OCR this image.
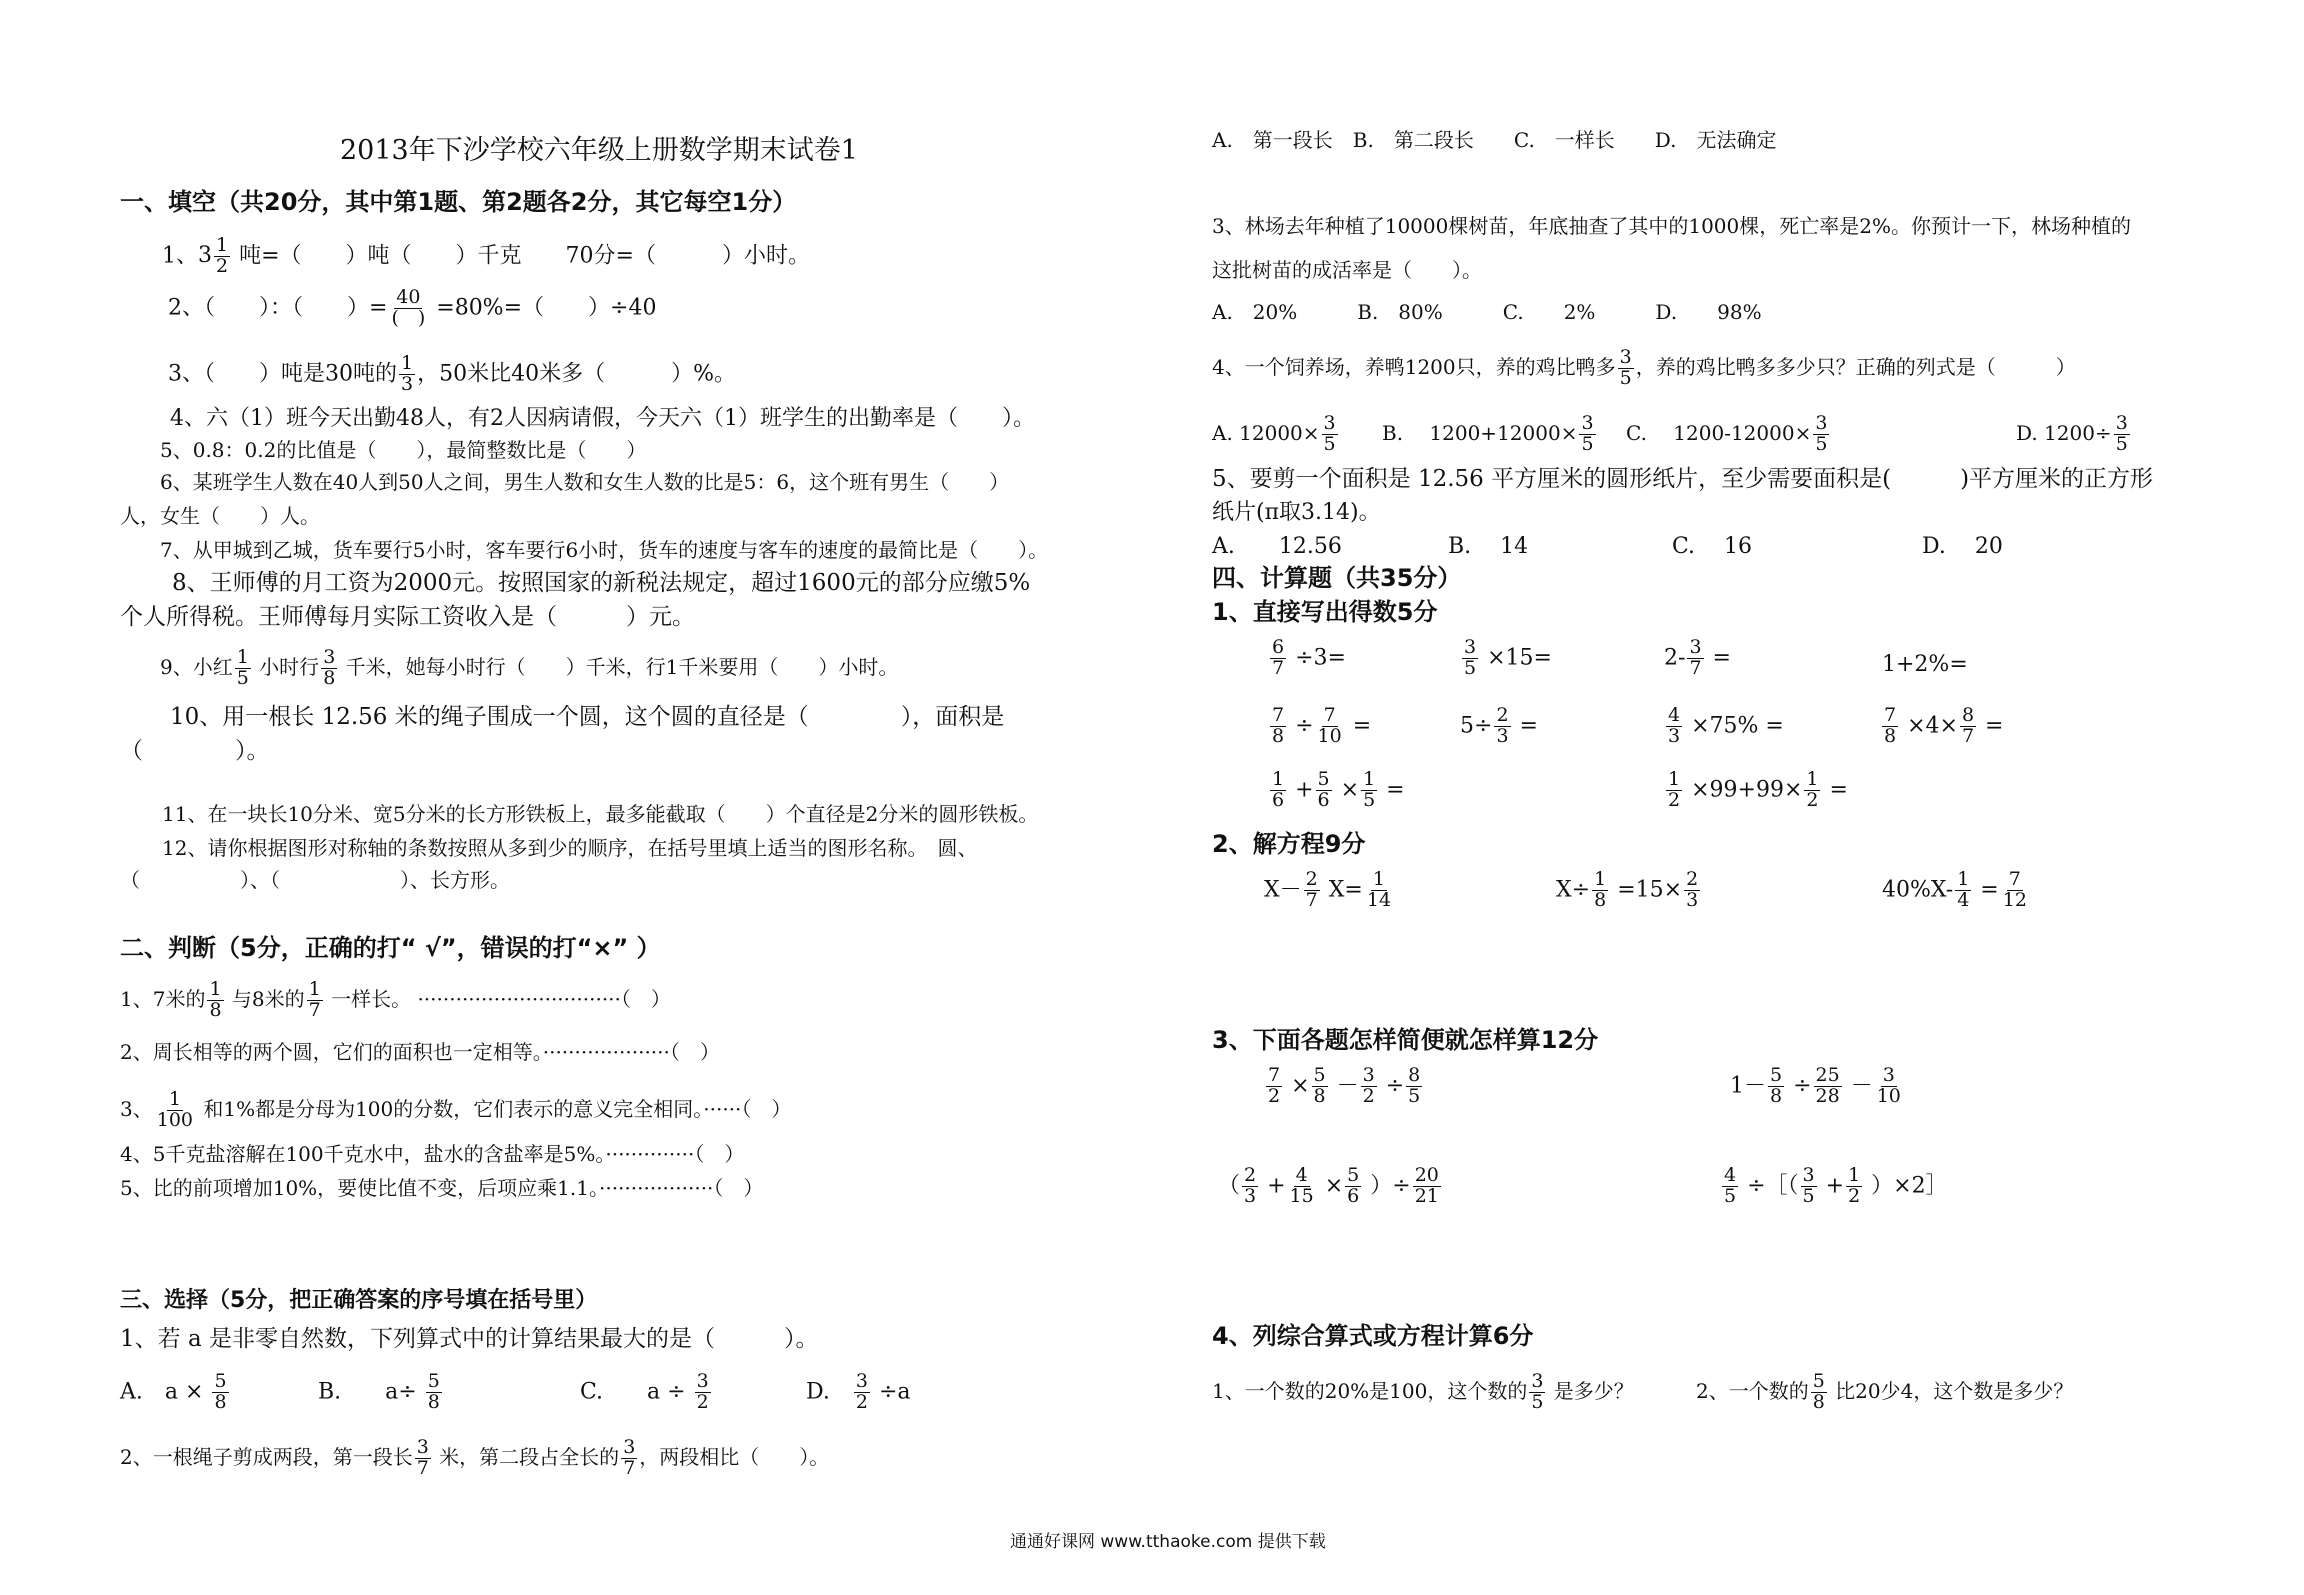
2013年下沙学校六年级上册数学期末试卷1
一、填空（共20分，其中第1题、第2题各2分，其它每空1分）
1、 $3 \frac{1}{2}$ 吨=（　　）吨（　　）千克　　70分=（　　　）小时。
2、（　　）：（　　）= $\frac{40}{( )} =80\%=$（　　）÷40
3、（　　）吨是30吨的 $\frac{1}{3}$ ，50米比40米多（　　　）%。
4、六（1）班今天出勤48人，有2人因病请假，今天六（1）班学生的出勤率是（　　）。
5、0.8：0.2的比值是（　　），最简整数比是（　　）
6、某班学生人数在40人到50人之间，男生人数和女生人数的比是5：6，这个班有男生（　　）
人，女生（　　）人。
7、从甲城到乙城，货车要行5小时，客车要行6小时，货车的速度与客车的速度的最简比是（　　）。
8、王师傅的月工资为2000元。按照国家的新税法规定，超过1600元的部分应缴5%
个人所得税。王师傅每月实际工资收入是（　　　）元。
9、小红 $\frac{1}{5}$ 小时行 $\frac{3}{8}$ 千米，她每小时行（　　）千米，行1千米要用（　　）小时。
10、用一根长 12.56 米的绳子围成一个圆，这个圆的直径是（　　　　），面积是
（　　　　）。
11、在一块长10分米、宽5分米的长方形铁板上，最多能截取（　　）个直径是2分米的圆形铁板。
12、请你根据图形对称轴的条数按照从多到少的顺序，在括号里填上适当的图形名称。　圆、
（　　　　　）、（　　　　　　）、长方形。
二、判断（5分，正确的打“ √”，错误的打“×” ）
1、7米的 $\frac{1}{8}$ 与8米的 $\frac{1}{7}$ 一样长。 ································（　）
2、周长相等的两个圆，它们的面积也一定相等。····················（　）
3、 $\frac{1}{100}$ 和1%都是分母为100的分数，它们表示的意义完全相同。······（　）
4、5千克盐溶解在100千克水中，盐水的含盐率是5%。··············（　）
5、比的前项增加10%，要使比值不变，后项应乘1.1。··················（　）
三、选择（5分，把正确答案的序号填在括号里）
1、若 a 是非零自然数，下列算式中的计算结果最大的是（　　　）。
A.　$a \times \frac{5}{8}$	B.　　$a\div \frac{5}{8}$	C.　　$a \div \frac{3}{2}$	D.　 $\frac{3}{2} \div a$
2、一根绳子剪成两段，第一段长 $\frac{3}{7}$ 米，第二段占全长的 $\frac{3}{7}$ ，两段相比（　　）。
A.　第一段长　B.　第二段长　　C.　一样长　　D.　无法确定
3、林场去年种植了10000棵树苗，年底抽查了其中的1000棵，死亡率是2%。你预计一下，林场种植的
这批树苗的成活率是（　　）。
A.　20%　　　B.　80%　　　C.　　2%　　　D.　　98%
4、一个饲养场，养鸭1200只，养的鸡比鸭多 $\frac{3}{5}$ ，养的鸡比鸭多多少只？正确的列式是（　　　）
A. $12000\times \frac{3}{5} B$.　 $1200+12000\times \frac{3}{5} C$.　 $1200-12000\times \frac{3}{5}$	D. $1200\div \frac{3}{5}$
5、要剪一个面积是 12.56 平方厘米的圆形纸片，至少需要面积是(　　　)平方厘米的正方形
纸片(π取3.14)。
A.　　12.56	B.　 14	C.　 16	D.　 20
四、计算题（共35分）
1、直接写出得数5分
$\frac{6}{7} \div 3=$	$\frac{3}{5} \times 15=$	$2- \frac{3}{7}$ =	1+2%=
$\frac{7}{8} \div \frac{7}{10}$ =	$5\div \frac{2}{3}$ =	$\frac{4}{3} \times 75\%$ =	$\frac{7}{8} \times 4\times \frac{8}{7}$ =
$\frac{1}{6} + \frac{5}{6} \times \frac{1}{5}$ =	$\frac{1}{2} \times 99+99\times \frac{1}{2}$ =
2、解方程9分
$X- \frac{2}{7} X= \frac{1}{14}$	$X\div \frac{1}{8} =15\times \frac{2}{3}$	$40\%X- \frac{1}{4} = \frac{7}{12}$
3、下面各题怎样简便就怎样算12分
$\frac{7}{2} \times \frac{5}{8} - \frac{3}{2} \div \frac{8}{5}$	$1- \frac{5}{8} \div \frac{25}{28} - \frac{3}{10}$
（ $\frac{2}{3} + \frac{4}{15} \times \frac{5}{6}$ ）÷ $\frac{20}{21}$	$\frac{4}{5}$ ÷［（ $\frac{3}{5} + \frac{1}{2}$ ）×2］
4、列综合算式或方程计算6分
1、一个数的20%是100，这个数的 $\frac{3}{5}$ 是多少？	2、一个数的 $\frac{5}{8}$ 比20少4，这个数是多少？
通通好课网 www.tthaoke.com 提供下载
